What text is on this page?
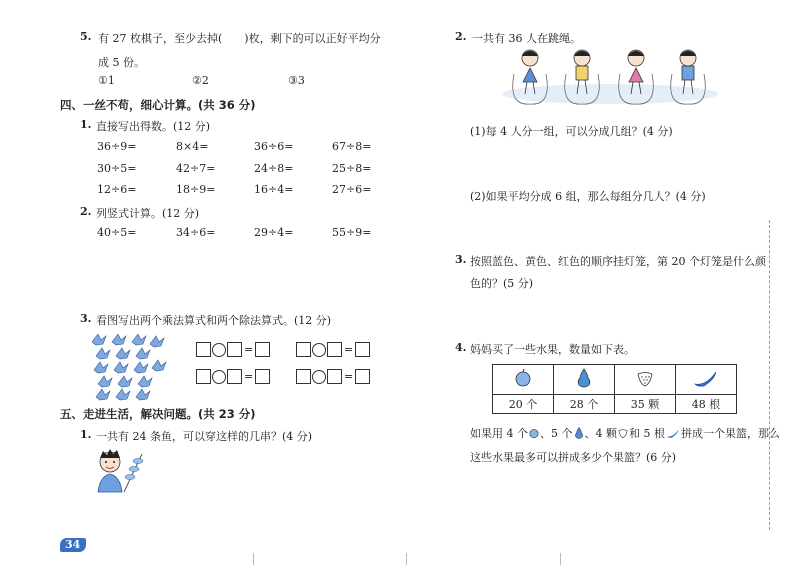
5. 有 27 枚棋子，至少去掉(　　)枚，剩下的可以正好平均分
成 5 份。
①1	②2	③3
四、一丝不苟，细心计算。(共 36 分)
1. 直接写出得数。(12 分)
36÷9=	8×4=	36÷6=	67÷8=
30÷5=	42÷7=	24÷8=	25÷8=
12÷6=	18÷9=	16÷4=	27÷6=
2. 列竖式计算。(12 分)
40÷5=	34÷6=	29÷4=	55÷9=
3. 看图写出两个乘法算式和两个除法算式。(12 分)
=	=
=	=
五、走进生活，解决问题。(共 23 分)
1. 一共有 24 条鱼，可以穿这样的几串？(4 分)
34
2. 一共有 36 人在跳绳。
(1)每 4 人分一组，可以分成几组？(4 分)
(2)如果平均分成 6 组，那么每组分几人？(4 分)
3. 按照蓝色、黄色、红色的顺序挂灯笼，第 20 个灯笼是什么颜
色的？(5 分)
4. 妈妈买了一些水果，数量如下表。

20 个	28 个	35 颗	48 根
如果用 4 个 、5 个 、4 颗 和 5 根 拼成一个果篮，那么
这些水果最多可以拼成多少个果篮？(6 分)
